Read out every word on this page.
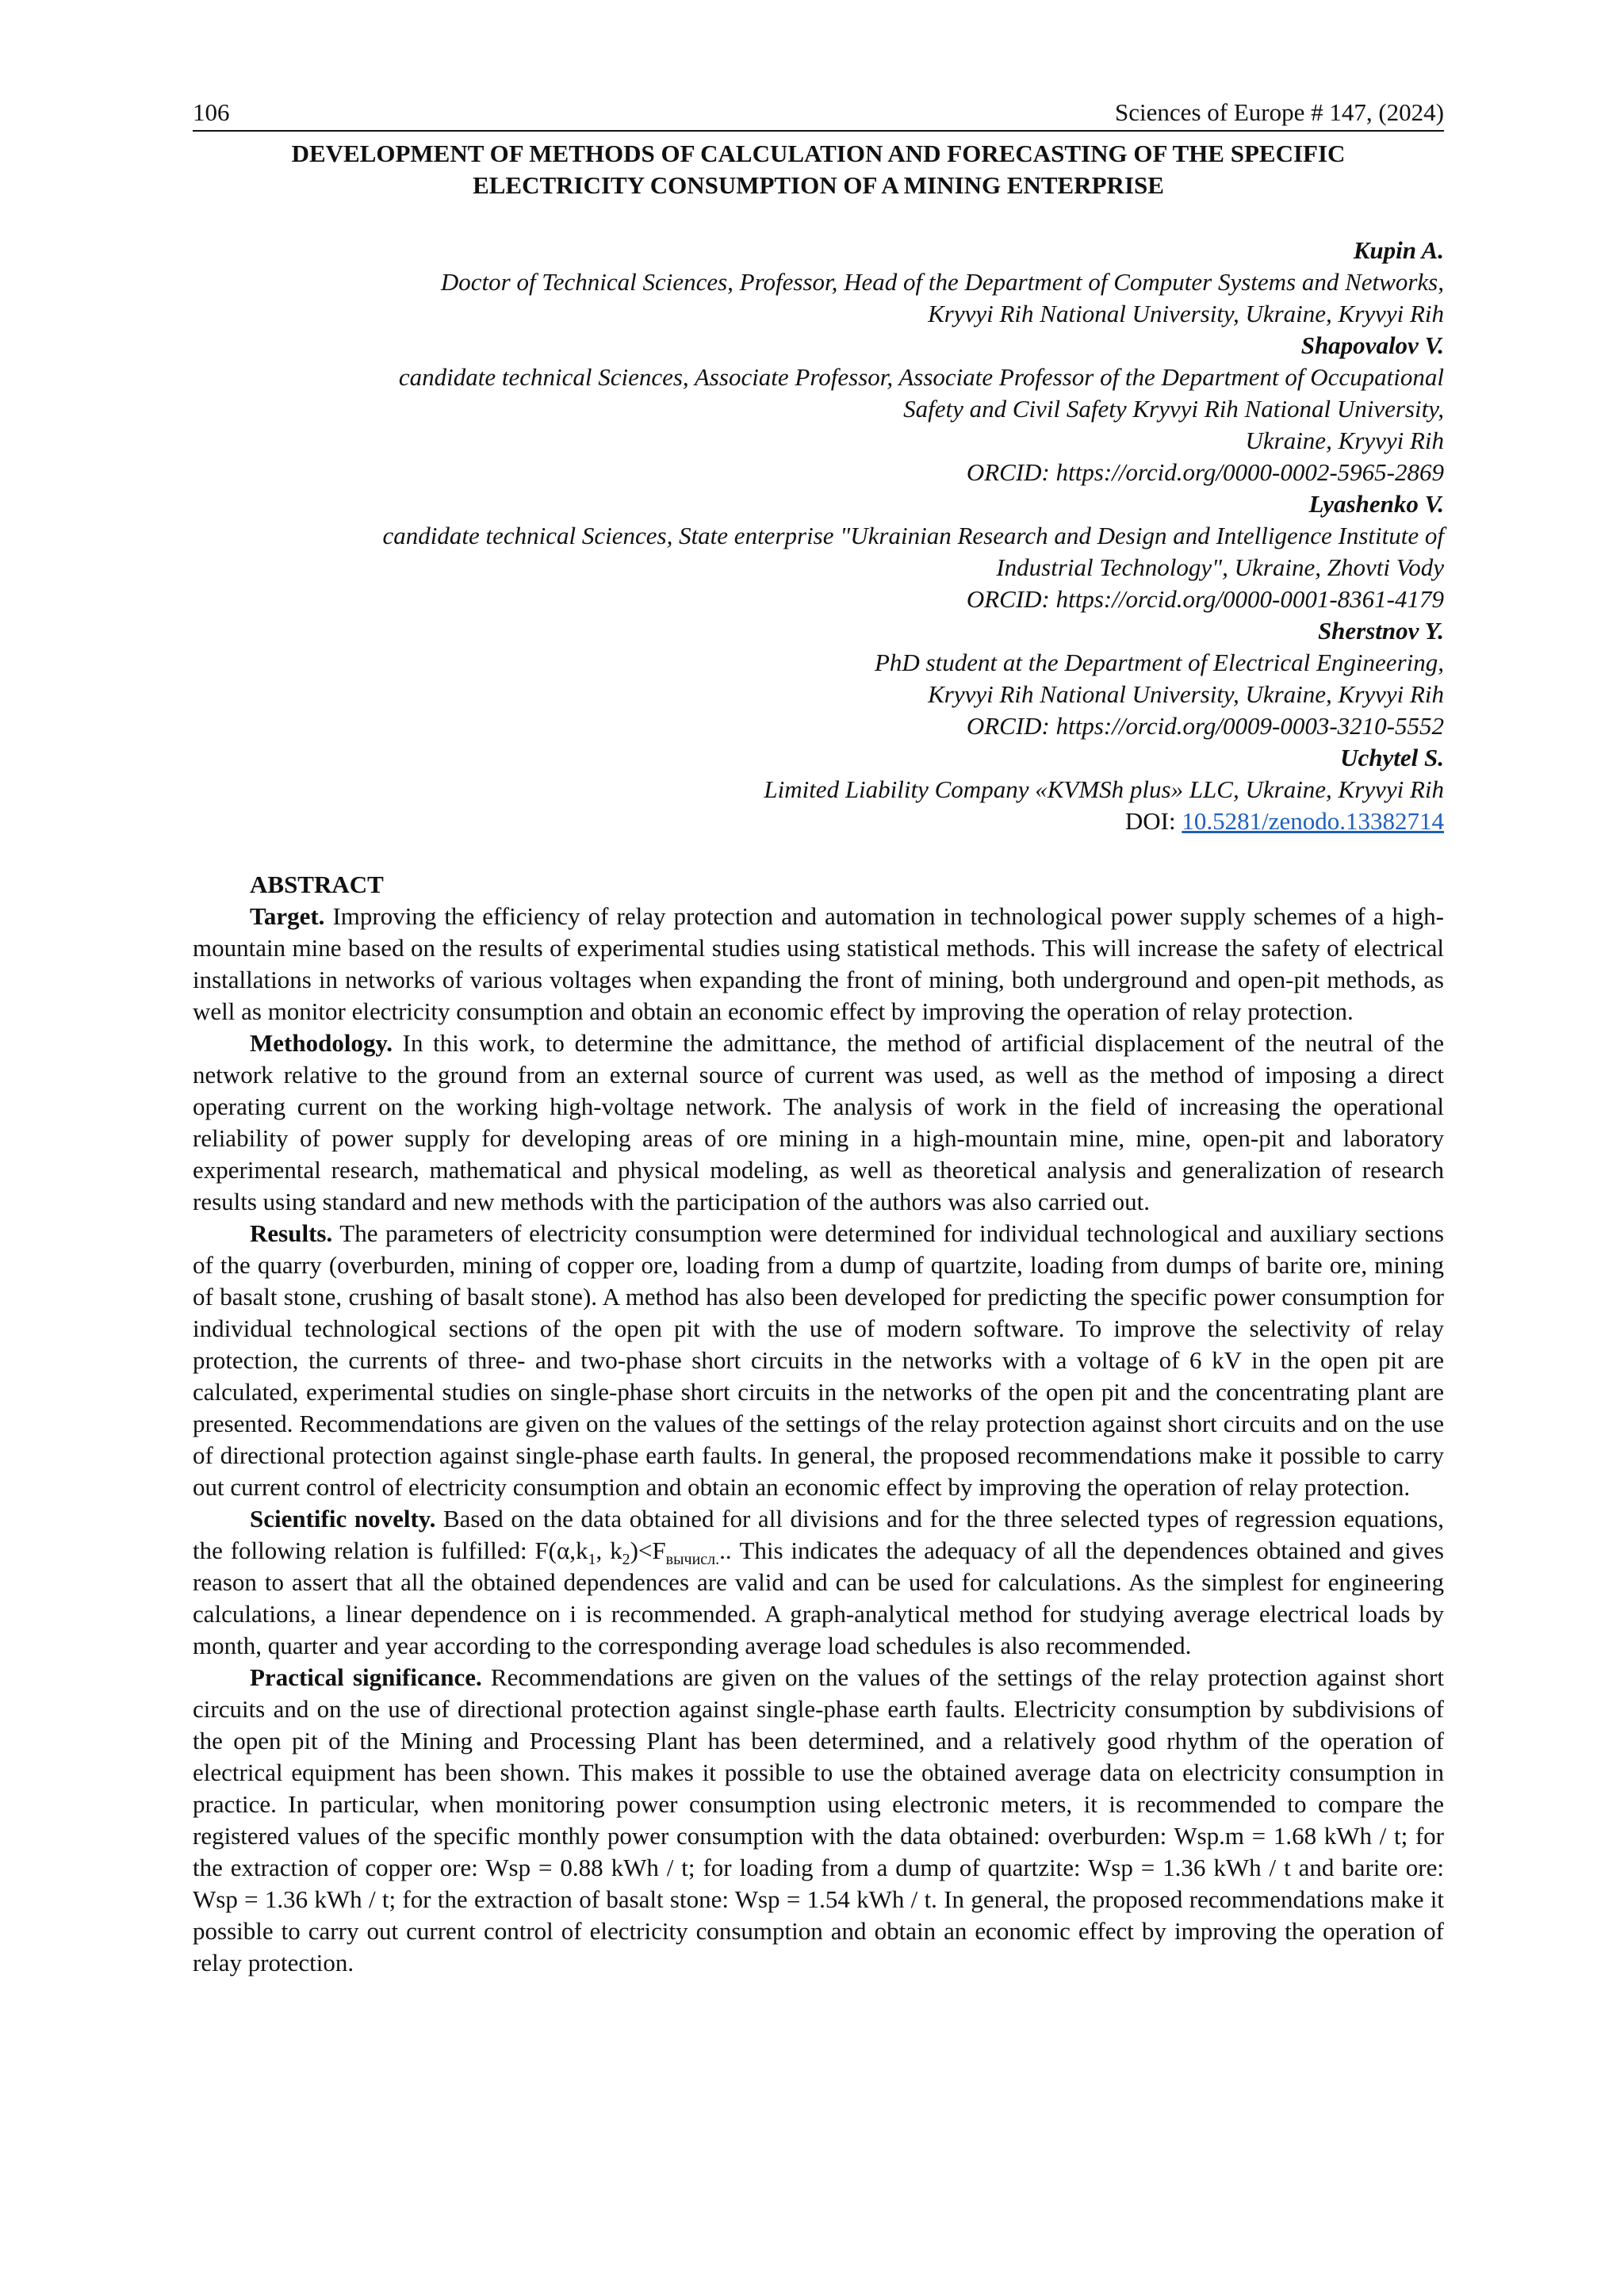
106	Sciences of Europe # 147, (2024)
DEVELOPMENT OF METHODS OF CALCULATION AND FORECASTING OF THE SPECIFIC
ELECTRICITY CONSUMPTION OF A MINING ENTERPRISE
Kupin A.
Doctor of Technical Sciences, Professor, Head of the Department of Computer Systems and Networks,
Kryvyi Rih National University, Ukraine, Kryvyi Rih
Shapovalov V.
candidate technical Sciences, Associate Professor, Associate Professor of the Department of Occupational
Safety and Civil Safety Kryvyi Rih National University,
Ukraine, Kryvyi Rih
ORCID: https://orcid.org/0000-0002-5965-2869
Lyashenko V.
candidate technical Sciences, State enterprise "Ukrainian Research and Design and Intelligence Institute of
Industrial Technology", Ukraine, Zhovti Vody
ORCID: https://orcid.org/0000-0001-8361-4179
Sherstnov Y.
PhD student at the Department of Electrical Engineering,
Kryvyi Rih National University, Ukraine, Kryvyi Rih
ORCID: https://orcid.org/0009-0003-3210-5552
Uchytel S.
Limited Liability Company «KVMSh plus» LLC, Ukraine, Kryvyi Rih
DOI: 10.5281/zenodo.13382714
ABSTRACT

Target. Improving the efficiency of relay protection and automation in technological power supply schemes of a high-mountain mine based on the results of experimental studies using statistical methods. This will increase the safety of electrical installations in networks of various voltages when expanding the front of mining, both underground and open-pit methods, as well as monitor electricity consumption and obtain an economic effect by improving the operation of relay protection.

Methodology. In this work, to determine the admittance, the method of artificial displacement of the neutral of the network relative to the ground from an external source of current was used, as well as the method of imposing a direct operating current on the working high-voltage network. The analysis of work in the field of increasing the operational reliability of power supply for developing areas of ore mining in a high-mountain mine, mine, open-pit and laboratory experimental research, mathematical and physical modeling, as well as theoretical analysis and generalization of research results using standard and new methods with the participation of the authors was also carried out.

Results. The parameters of electricity consumption were determined for individual technological and auxiliary sections of the quarry (overburden, mining of copper ore, loading from a dump of quartzite, loading from dumps of barite ore, mining of basalt stone, crushing of basalt stone). A method has also been developed for predicting the specific power consumption for individual technological sections of the open pit with the use of modern software. To improve the selectivity of relay protection, the currents of three- and two-phase short circuits in the networks with a voltage of 6 kV in the open pit are calculated, experimental studies on single-phase short circuits in the networks of the open pit and the concentrating plant are presented. Recommendations are given on the values of the settings of the relay protection against short circuits and on the use of directional protection against single-phase earth faults. In general, the proposed recommendations make it possible to carry out current control of electricity consumption and obtain an economic effect by improving the operation of relay protection.

Scientific novelty. Based on the data obtained for all divisions and for the three selected types of regression equations, the following relation is fulfilled: $F(\alpha,k_1$, $k_2)<F_{вычисл.}$.. This indicates the adequacy of all the dependences obtained and gives reason to assert that all the obtained dependences are valid and can be used for calculations. As the simplest for engineering calculations, a linear dependence on i is recommended. A graph-analytical method for studying average electrical loads by month, quarter and year according to the corresponding average load schedules is also recommended.

Practical significance. Recommendations are given on the values of the settings of the relay protection against short circuits and on the use of directional protection against single-phase earth faults. Electricity consumption by subdivisions of the open pit of the Mining and Processing Plant has been determined, and a relatively good rhythm of the operation of electrical equipment has been shown. This makes it possible to use the obtained average data on electricity consumption in practice. In particular, when monitoring power consumption using electronic meters, it is recommended to compare the registered values of the specific monthly power consumption with the data obtained: overburden: Wsp.m = 1.68 kWh / t; for the extraction of copper ore: Wsp = 0.88 kWh / t; for loading from a dump of quartzite: Wsp = 1.36 kWh / t and barite ore: Wsp = 1.36 kWh / t; for the extraction of basalt stone: Wsp = 1.54 kWh / t. In general, the proposed recommendations make it possible to carry out current control of electricity consumption and obtain an economic effect by improving the operation of relay protection.
